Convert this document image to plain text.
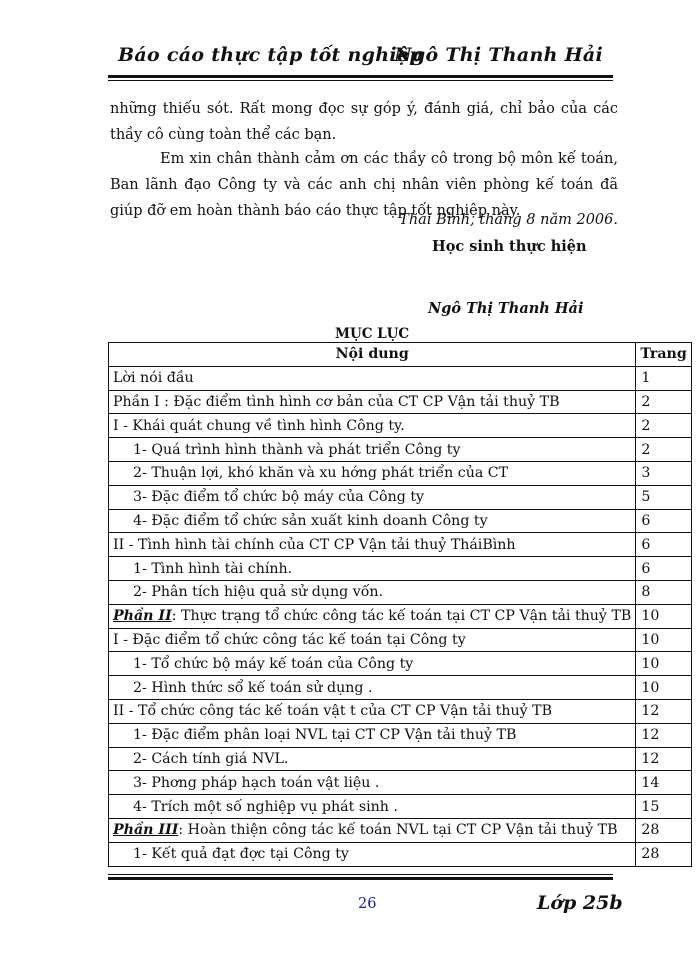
Báo cáo thực tập tốt nghiệp
Ngô Thị Thanh Hải
những thiếu sót. Rất mong đọc sự góp ý, đánh giá, chỉ bảo của các thầy cô cùng toàn thể các bạn.
Em xin chân thành cảm ơn các thầy cô trong bộ môn kế toán, Ban lãnh đạo Công ty và các anh chị nhân viên phòng kế toán đã giúp đỡ em hoàn thành báo cáo thực tập tốt nghiệp này.
Thái Bình, tháng 8 năm 2006.
Học sinh thực hiện
Ngô Thị Thanh Hải
MỤC LỤC
Nội dung	Trang
Lời nói đầu	1
Phần I : Đặc điểm tình hình cơ bản của CT CP Vận tải thuỷ TB	2
I - Khái quát chung về tình hình Công ty.	2
1- Quá trình hình thành và phát triển Công ty	2
2- Thuận lợi, khó khăn và xu hớng phát triển của CT	3
3- Đặc điểm tổ chức bộ máy của Công ty	5
4- Đặc điểm tổ chức sản xuất kinh doanh Công ty	6
II - Tình hình tài chính của CT CP Vận tải thuỷ TháiBình	6
1- Tình hình tài chính.	6
2- Phân tích hiệu quả sử dụng vốn.	8
Phần II: Thực trạng tổ chức công tác kế toán tại CT CP Vận tải thuỷ TB	10
I - Đặc điểm tổ chức công tác kế toán tại Công ty	10
1- Tổ chức bộ máy kế toán của Công ty	10
2- Hình thức sổ kế toán sử dụng .	10
II - Tổ chức công tác kế toán vật t của CT CP Vận tải thuỷ TB	12
1- Đặc điểm phân loại NVL tại CT CP Vận tải thuỷ TB	12
2- Cách tính giá NVL.	12
3- Phơng pháp hạch toán vật liệu .	14
4- Trích một số nghiệp vụ phát sinh .	15
Phần III: Hoàn thiện công tác kế toán NVL tại CT CP Vận tải thuỷ TB	28
1- Kết quả đạt đợc tại Công ty	28
26	Lớp 25b
